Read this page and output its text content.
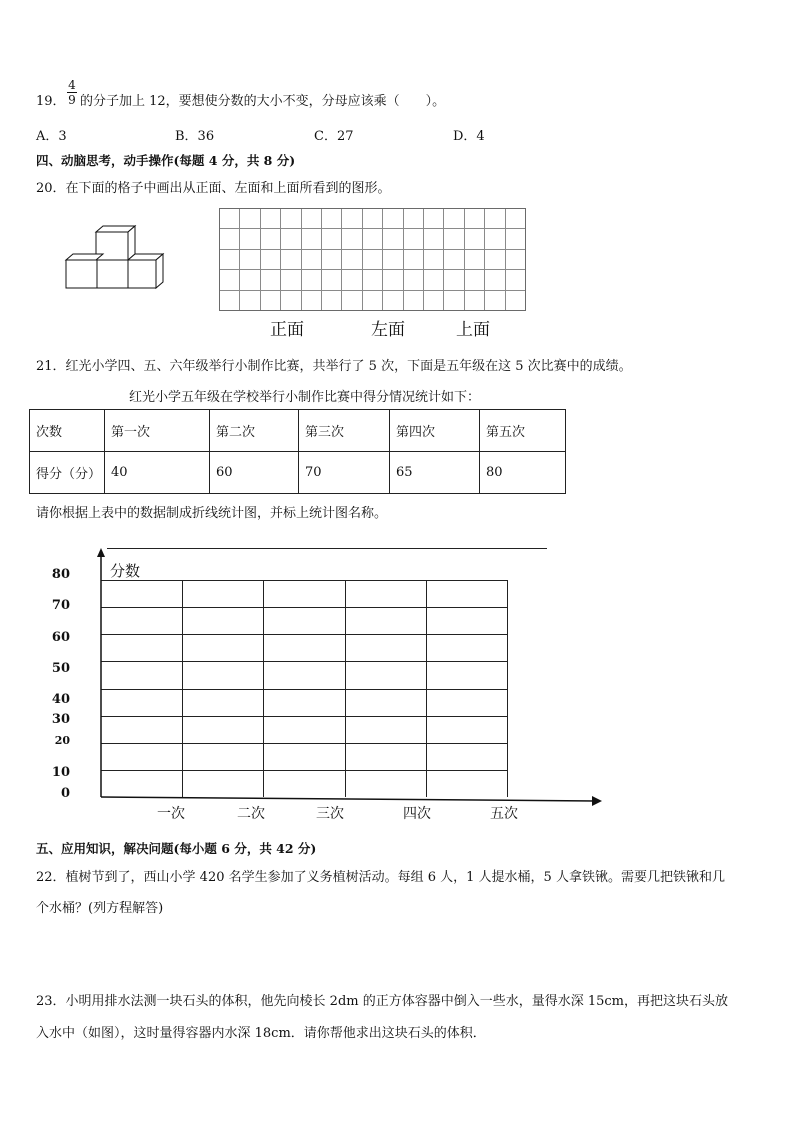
19．
4
9 的分子加上 12，要想使分数的大小不变，分母应该乘（　　）。
A．3	B．36	C．27	D．4
四、动脑思考，动手操作(每题 4 分，共 8 分)
20．在下面的格子中画出从正面、左面和上面所看到的图形。
正面	左面	上面
21．红光小学四、五、六年级举行小制作比赛，共举行了 5 次，下面是五年级在这 5 次比赛中的成绩。
红光小学五年级在学校举行小制作比赛中得分情况统计如下：
次数	第一次	第二次	第三次	第四次	第五次
得分（分）	40	60	70	65	80
请你根据上表中的数据制成折线统计图，并标上统计图名称。
分数
80
70
60
50
40
30
20
10
0
一次	二次	三次	四次	五次
五、应用知识，解决问题(每小题 6 分，共 42 分)
22．植树节到了，西山小学 420 名学生参加了义务植树活动。每组 6 人，1 人提水桶，5 人拿铁锹。需要几把铁锹和几
个水桶？(列方程解答)
23．小明用排水法测一块石头的体积，他先向棱长 2dm 的正方体容器中倒入一些水，量得水深 15cm，再把这块石头放
入水中（如图），这时量得容器内水深 18cm．请你帮他求出这块石头的体积．
